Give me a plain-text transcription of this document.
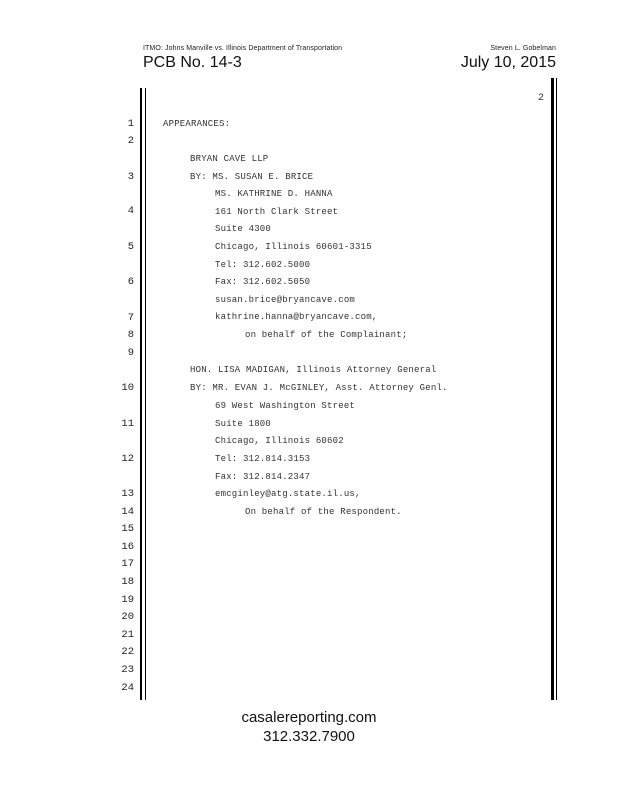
ITMO: Johns Manville vs. Illinois Department of Transportation	Steven L. Gobelman
PCB No. 14-3	July 10, 2015
2
1
2
3
4
5
6
7
8
9
10
11
12
13
14
15
16
17
18
19
20
21
22
23
24
APPEARANCES:
BRYAN CAVE LLP
BY: MS. SUSAN E. BRICE
MS. KATHRINE D. HANNA
161 North Clark Street
Suite 4300
Chicago, Illinois 60601-3315
Tel: 312.602.5000
Fax: 312.602.5050
susan.brice@bryancave.com
kathrine.hanna@bryancave.com,
on behalf of the Complainant;
HON. LISA MADIGAN, Illinois Attorney General
BY: MR. EVAN J. McGINLEY, Asst. Attorney Genl.
69 West Washington Street
Suite 1800
Chicago, Illinois 60602
Tel: 312.814.3153
Fax: 312.814.2347
emcginley@atg.state.il.us,
On behalf of the Respondent.
casalereporting.com
312.332.7900
